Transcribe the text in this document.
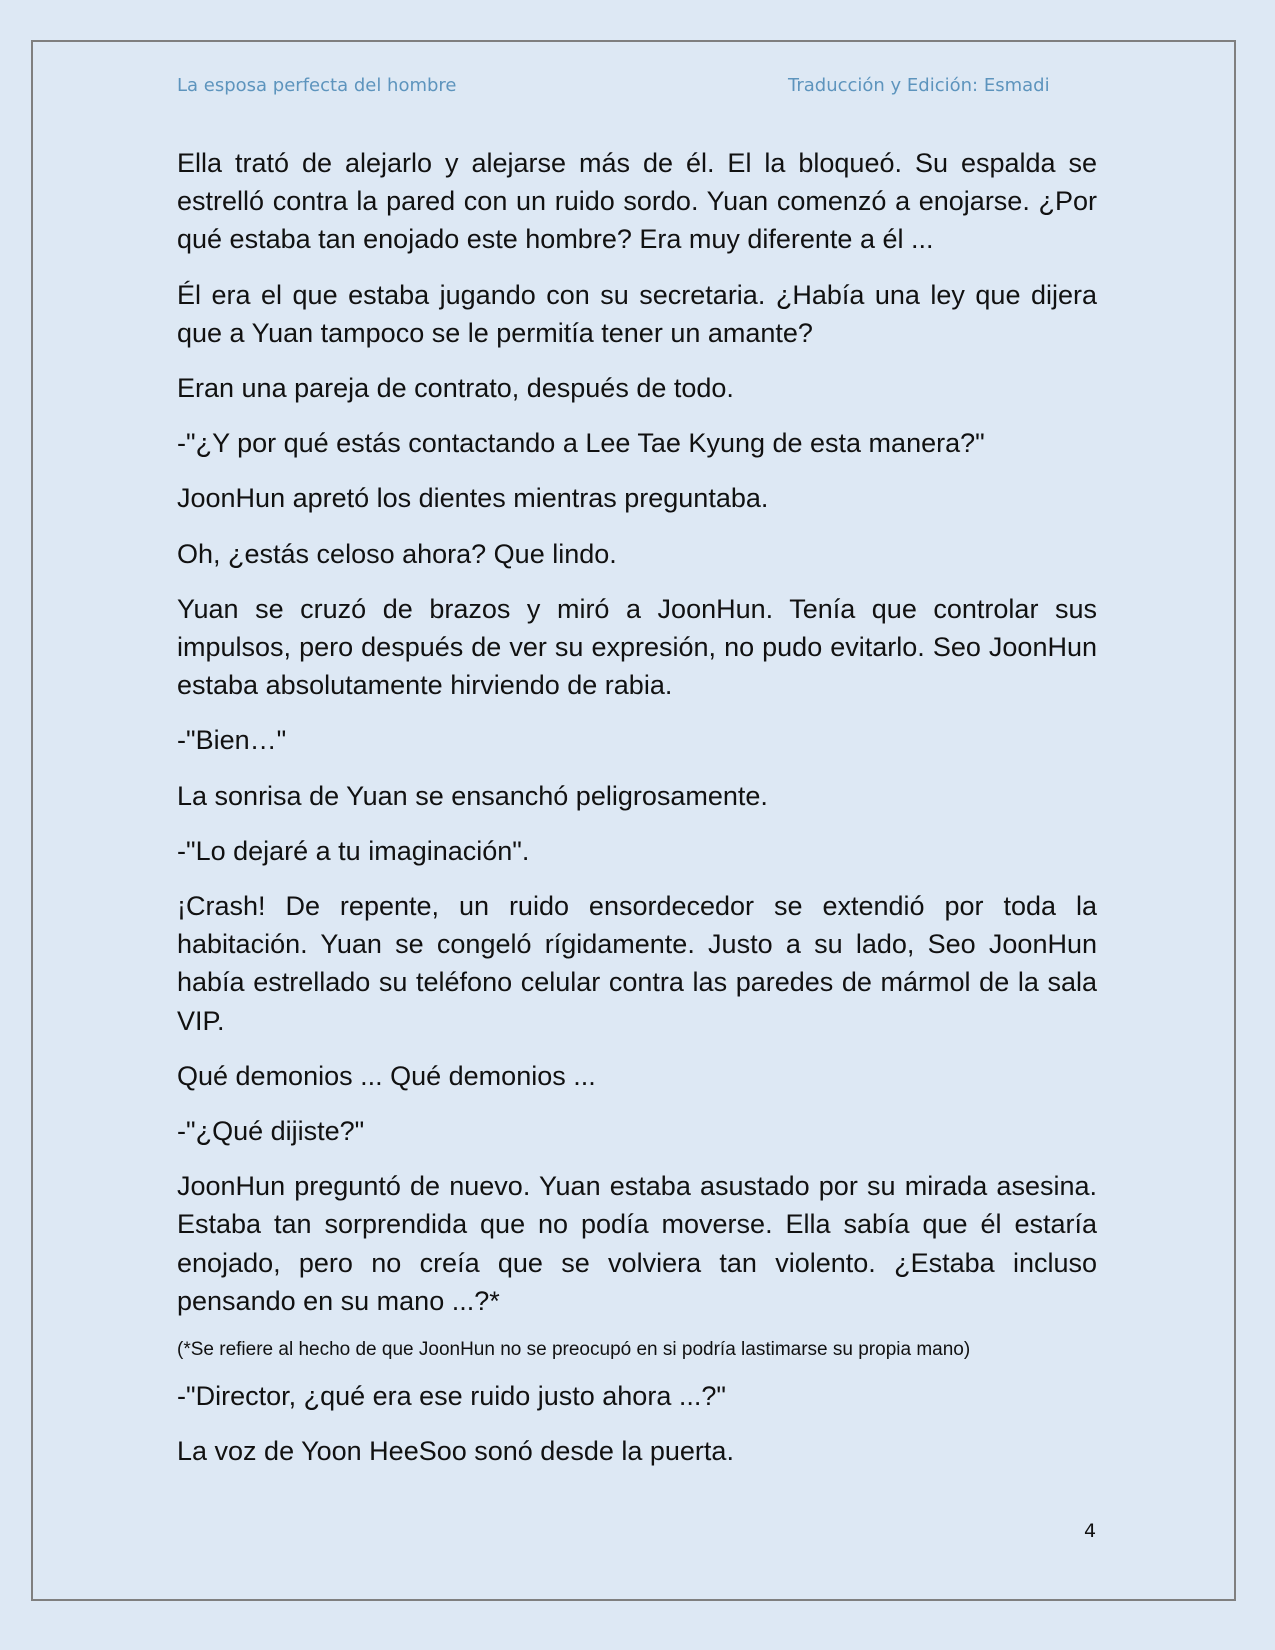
La esposa perfecta del hombre	Traducción y Edición: Esmadi

Ella trató de alejarlo y alejarse más de él. El la bloqueó. Su espalda se estrelló contra la pared con un ruido sordo. Yuan comenzó a enojarse. ¿Por qué estaba tan enojado este hombre? Era muy diferente a él ...

Él era el que estaba jugando con su secretaria. ¿Había una ley que dijera que a Yuan tampoco se le permitía tener un amante?

Eran una pareja de contrato, después de todo.

-"¿Y por qué estás contactando a Lee Tae Kyung de esta manera?"

JoonHun apretó los dientes mientras preguntaba.

Oh, ¿estás celoso ahora? Que lindo.

Yuan se cruzó de brazos y miró a JoonHun. Tenía que controlar sus impulsos, pero después de ver su expresión, no pudo evitarlo. Seo JoonHun estaba absolutamente hirviendo de rabia.

-"Bien…"

La sonrisa de Yuan se ensanchó peligrosamente.

-"Lo dejaré a tu imaginación".

¡Crash! De repente, un ruido ensordecedor se extendió por toda la habitación. Yuan se congeló rígidamente. Justo a su lado, Seo JoonHun había estrellado su teléfono celular contra las paredes de mármol de la sala VIP.

Qué demonios ... Qué demonios ...

-"¿Qué dijiste?"

JoonHun preguntó de nuevo. Yuan estaba asustado por su mirada asesina. Estaba tan sorprendida que no podía moverse. Ella sabía que él estaría enojado, pero no creía que se volviera tan violento. ¿Estaba incluso pensando en su mano ...?*

(*Se refiere al hecho de que JoonHun no se preocupó en si podría lastimarse su propia mano)

-"Director, ¿qué era ese ruido justo ahora ...?"

La voz de Yoon HeeSoo sonó desde la puerta.

4
